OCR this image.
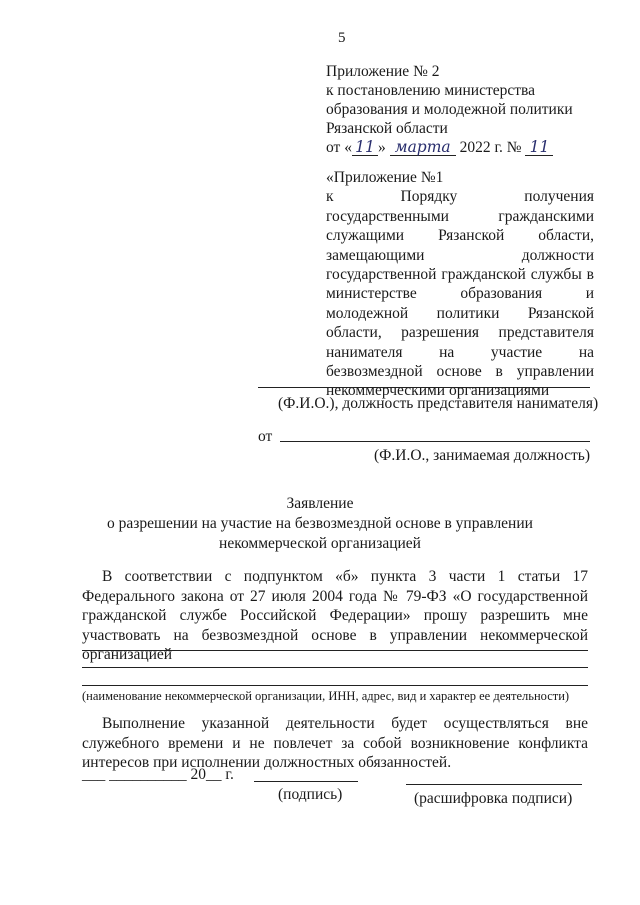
5
Приложение № 2
к постановлению министерства
образования и молодежной политики
Рязанской области
от « 11 » марта 2022 г. № 11

«Приложение №1

к Порядку получения государственными гражданскими служащими Рязанской области, замещающими должности государственной гражданской службы в министерстве образования и молодежной политики Рязанской области, разрешения представителя нанимателя на участие на безвозмездной основе в управлении некоммерческими организациями

(Ф.И.О.), должность представителя нанимателя)
от
(Ф.И.О., занимаемая должность)
Заявление
о разрешении на участие на безвозмездной основе в управлении
некоммерческой организацией
В соответствии с подпунктом «б» пункта 3 части 1 статьи 17 Федерального закона от 27 июля 2004 года № 79-ФЗ «О государственной гражданской службе Российской Федерации» прошу разрешить мне участвовать на безвозмездной основе в управлении некоммерческой организацией
(наименование некоммерческой организации, ИНН, адрес, вид и характер ее деятельности)
Выполнение указанной деятельности будет осуществляться вне служебного времени и не повлечет за собой возникновение конфликта интересов при исполнении должностных обязанностей.
___ __________ 20__ г.
(подпись)	(расшифровка подписи)
